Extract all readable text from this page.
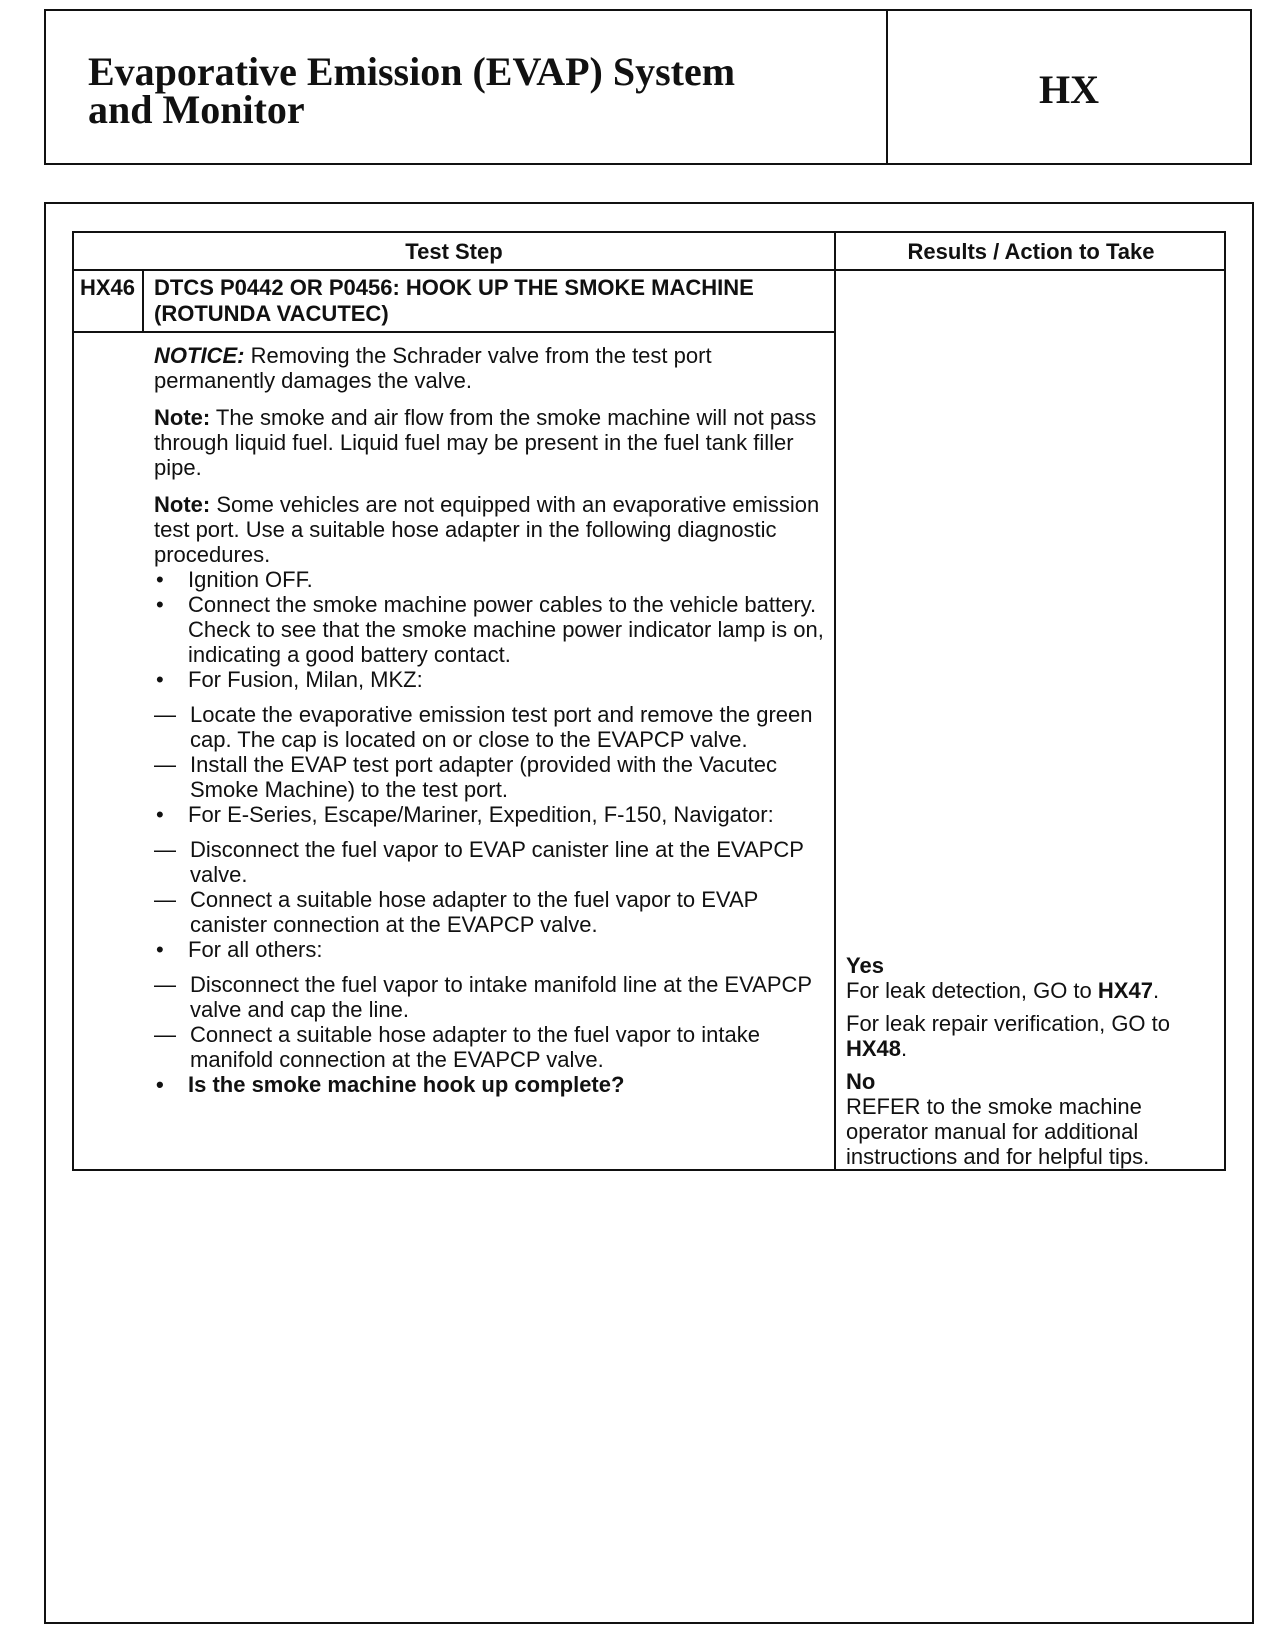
Evaporative Emission (EVAP) System
and Monitor	HX
Test Step	Results / Action to Take
HX46 DTCS P0442 OR P0456: HOOK UP THE SMOKE MACHINE (ROTUNDA VACUTEC)

NOTICE: Removing the Schrader valve from the test port permanently damages the valve.

Note: The smoke and air flow from the smoke machine will not pass through liquid fuel. Liquid fuel may be present in the fuel tank filler pipe.

Note: Some vehicles are not equipped with an evaporative emission test port. Use a suitable hose adapter in the following diagnostic procedures.

• Ignition OFF.
• Connect the smoke machine power cables to the vehicle battery. Check to see that the smoke machine power indicator lamp is on, indicating a good battery contact.
• For Fusion, Milan, MKZ:
— Locate the evaporative emission test port and remove the green cap. The cap is located on or close to the EVAPCP valve.
— Install the EVAP test port adapter (provided with the Vacutec Smoke Machine) to the test port.
• For E-Series, Escape/Mariner, Expedition, F-150, Navigator:
— Disconnect the fuel vapor to EVAP canister line at the EVAPCP valve.
— Connect a suitable hose adapter to the fuel vapor to EVAP canister connection at the EVAPCP valve.
• For all others:
— Disconnect the fuel vapor to intake manifold line at the EVAPCP valve and cap the line.
— Connect a suitable hose adapter to the fuel vapor to intake manifold connection at the EVAPCP valve.
• Is the smoke machine hook up complete?

Yes

For leak detection, GO to HX47.

For leak repair verification, GO to HX48.

No

REFER to the smoke machine operator manual for additional instructions and for helpful tips.
